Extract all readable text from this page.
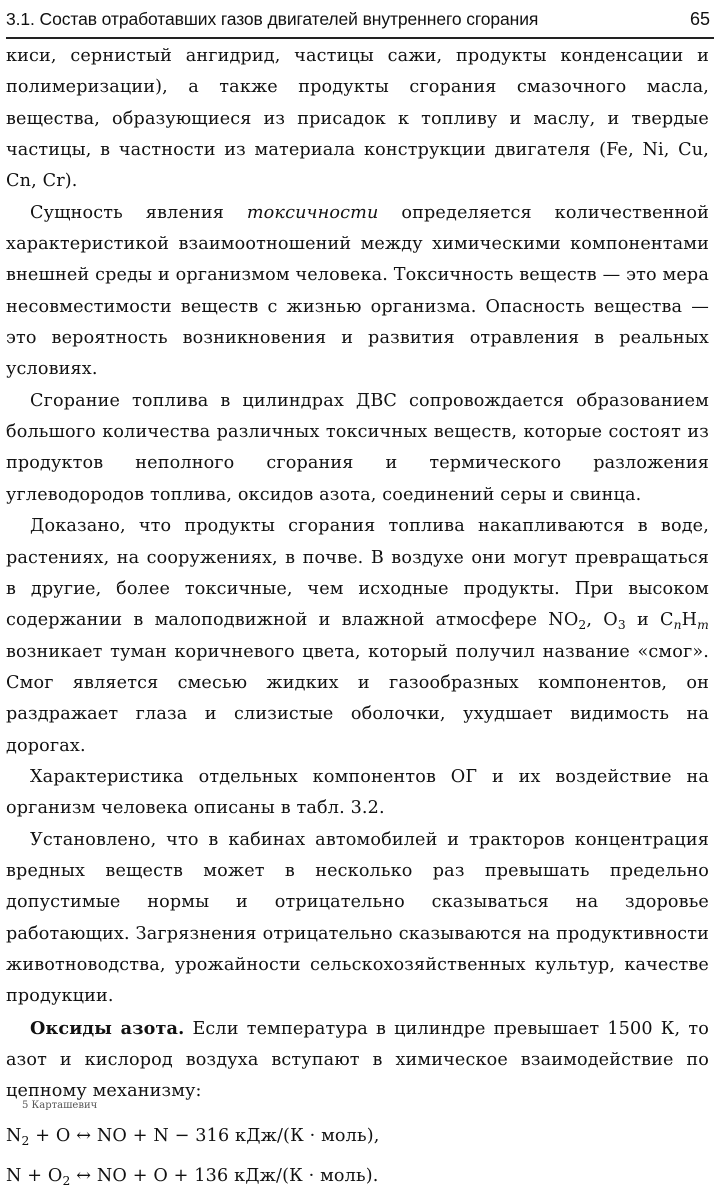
3.1. Состав отработавших газов двигателей внутреннего сгорания	65

киси, сернистый ангидрид, частицы сажи, продукты конденсации и полимеризации), а также продукты сгорания смазочного масла, вещества, образующиеся из присадок к топливу и маслу, и твердые частицы, в частности из материала конструкции двигателя (Fe, Ni, Cu, Cn, Cr).

Сущность явления токсичности определяется количественной характеристикой взаимоотношений между химическими компонентами внешней среды и организмом человека. Токсичность веществ — это мера несовместимости веществ с жизнью организма. Опасность вещества — это вероятность возникновения и развития отравления в реальных условиях.

Сгорание топлива в цилиндрах ДВС сопровождается образованием большого количества различных токсичных веществ, которые состоят из продуктов неполного сгорания и термического разложения углеводородов топлива, оксидов азота, соединений серы и свинца.

Доказано, что продукты сгорания топлива накапливаются в воде, растениях, на сооружениях, в почве. В воздухе они могут превращаться в другие, более токсичные, чем исходные продукты. При высоком содержании в малоподвижной и влажной атмосфере $NO_2$, $O_3$ и $C_nH_m$ возникает туман коричневого цвета, который получил название «смог». Смог является смесью жидких и газообразных компонентов, он раздражает глаза и слизистые оболочки, ухудшает видимость на дорогах.

Характеристика отдельных компонентов ОГ и их воздействие на организм человека описаны в табл. 3.2.

Установлено, что в кабинах автомобилей и тракторов концентрация вредных веществ может в несколько раз превышать предельно допустимые нормы и отрицательно сказываться на здоровье работающих. Загрязнения отрицательно сказываются на продуктивности животноводства, урожайности сельскохозяйственных культур, качестве продукции.

Оксиды азота. Если температура в цилиндре превышает 1500 К, то азот и кислород воздуха вступают в химическое взаимодействие по цепному механизму:

$N_2 + O$ ↔ NO + N − 316 кДж/(К · моль),

$N + O_2$ ↔ NO + O + 136 кДж/(К · моль).

5 Карташевич
